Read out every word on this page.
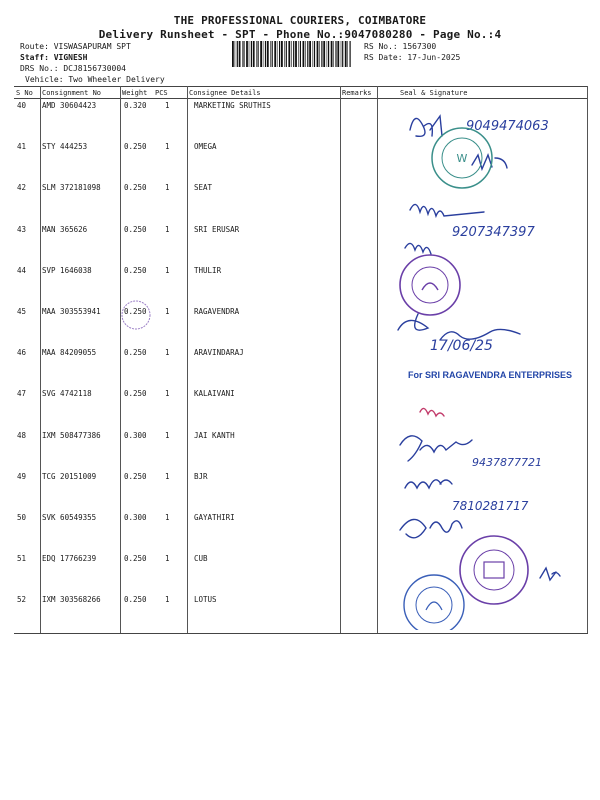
THE PROFESSIONAL COURIERS, COIMBATORE
Delivery Runsheet - SPT - Phone No.:9047080280 - Page No.:4
Route: VISWASAPURAM SPT
Staff: VIGNESH
DRS No.: DCJ8156730004
Vehicle: Two Wheeler Delivery
RS No.: 1567300
RS Date: 17-Jun-2025
S No Consignment No	Weight PCS	Consignee Details	Remarks	Seal & Signature
40 AMD 30604423	0.320 1	MARKETING SRUTHIS
41 STY 444253	0.250 1	OMEGA
42 SLM 372181098	0.250 1	SEAT
43 MAN 365626	0.250 1	SRI ERUSAR
44 SVP 1646038	0.250 1	THULIR
45 MAA 303553941	0.250 1	RAGAVENDRA
46 MAA 84209055	0.250 1	ARAVINDARAJ
47 SVG 4742118	0.250 1	KALAIVANI
48 IXM 508477386	0.300 1	JAI KANTH
49 TCG 20151009	0.250 1	BJR
50 SVK 60549355	0.300 1	GAYATHIRI
51 EDQ 17766239	0.250 1	CUB
52 IXM 303568266	0.250 1	LOTUS
9049474063
9207347397
9437877721
7810281717
17/06/25
W
For SRI RAGAVENDRA ENTERPRISES
